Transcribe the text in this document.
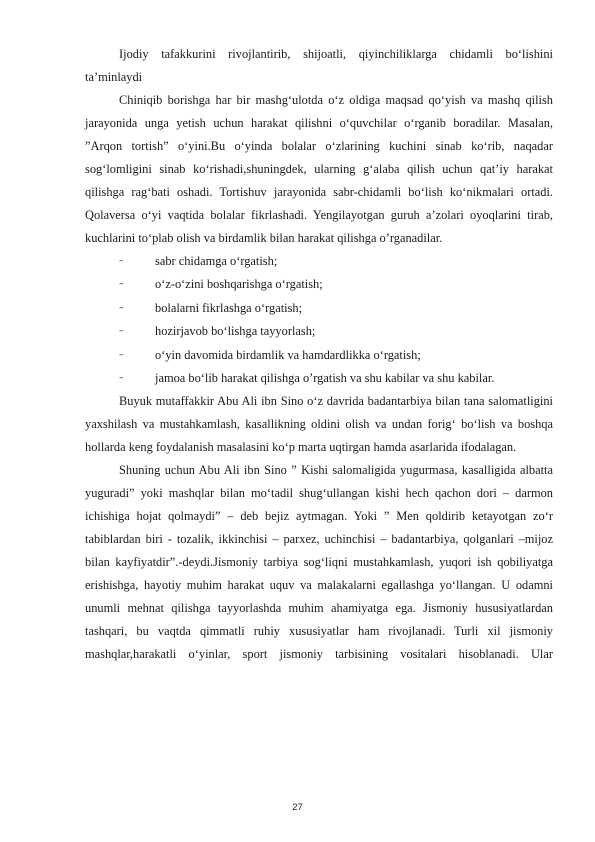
Ijodiy tafakkurini rivojlantirib, shijoatli, qiyinchiliklarga chidamli bo‘lishini ta’minlaydi

Chiniqib borishga har bir mashg‘ulotda o‘z oldiga maqsad qo‘yish va mashq qilish jarayonida unga yetish uchun harakat qilishni o‘quvchilar o‘rganib boradilar. Masalan, ”Arqon tortish” o‘yini.Bu o‘yinda bolalar o‘zlarining kuchini sinab ko‘rib, naqadar sog‘lomligini sinab ko‘rishadi,shuningdek, ularning g‘alaba qilish uchun qat’iy harakat qilishga rag‘bati oshadi. Tortishuv jarayonida sabr-chidamli bo‘lish ko‘nikmalari ortadi. Qolaversa o‘yi vaqtida bolalar fikrlashadi. Yengilayotgan guruh a’zolari oyoqlarini tirab, kuchlarini to‘plab olish va birdamlik bilan harakat qilishga o’rganadilar.

–	sabr chidamga o‘rgatish;
–	o‘z-o‘zini boshqarishga o‘rgatish;
–	bolalarni fikrlashga o‘rgatish;
–	hozirjavob bo‘lishga tayyorlash;
–	o‘yin davomida birdamlik va hamdardlikka o‘rgatish;
–	jamoa bo‘lib harakat qilishga o’rgatish va shu kabilar va shu kabilar.

Buyuk mutaffakkir Abu Ali ibn Sino o‘z davrida badantarbiya bilan tana salomatligini yaxshilash va mustahkamlash, kasallikning oldini olish va undan forig‘ bo‘lish va boshqa hollarda keng foydalanish masalasini ko‘p marta uqtirgan hamda asarlarida ifodalagan.

Shuning uchun Abu Ali ibn Sino ” Kishi salomaligida yugurmasa, kasalligida albatta yuguradi” yoki mashqlar bilan mo‘tadil shug‘ullangan kishi hech qachon dori – darmon ichishiga hojat qolmaydi” – deb bejiz aytmagan. Yoki ” Men qoldirib ketayotgan zo‘r tabiblardan biri - tozalik, ikkinchisi – parxez, uchinchisi – badantarbiya, qolganlari –mijoz bilan kayfiyatdir”.-deydi.Jismoniy tarbiya sog‘liqni mustahkamlash, yuqori ish qobiliyatga erishishga, hayotiy muhim harakat uquv va malakalarni egallashga yo‘llangan. U odamni unumli mehnat qilishga tayyorlashda muhim ahamiyatga ega. Jismoniy hususiyatlardan tashqari, bu vaqtda qimmatli ruhiy xususiyatlar ham rivojlanadi. Turli xil jismoniy mashqlar,harakatli o‘yinlar, sport jismoniy tarbisining vositalari hisoblanadi. Ular

27
